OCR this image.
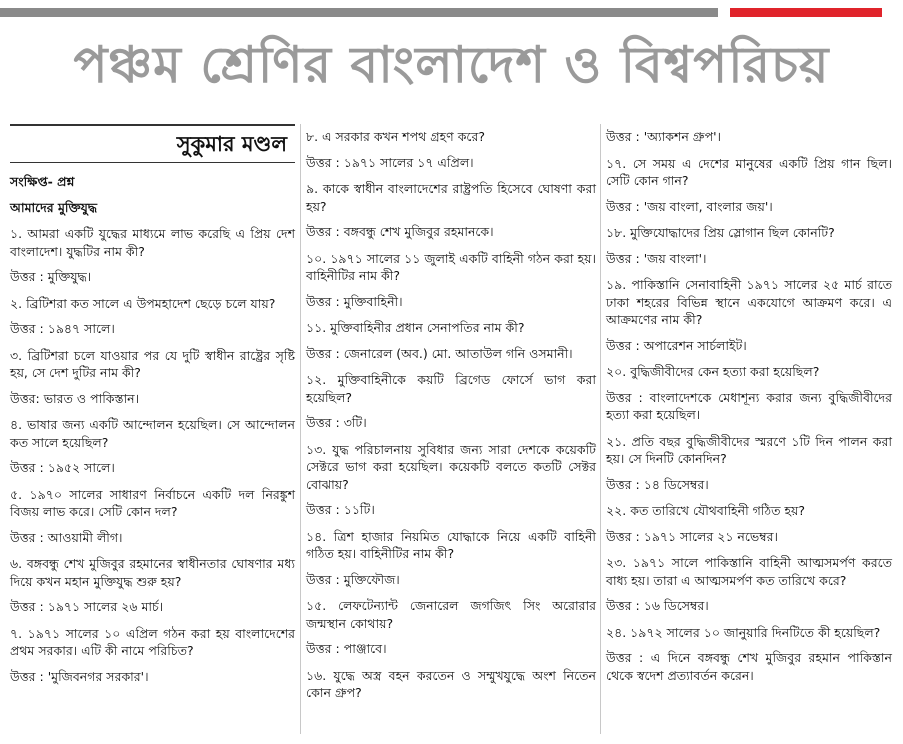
পঞ্চম শ্রেণির বাংলাদেশ ও বিশ্বপরিচয়
সুকুমার মণ্ডল
সংক্ষিপ্ত- প্রশ্ন
আমাদের মুক্তিযুদ্ধ

১. আমরা একটি যুদ্ধের মাধ্যমে লাভ করেছি এ প্রিয় দেশ বাংলাদেশ। যুদ্ধটির নাম কী?

উত্তর : মুক্তিযুদ্ধ।

২. ব্রিটিশরা কত সালে এ উপমহাদেশ ছেড়ে চলে যায়?

উত্তর : ১৯৪৭ সালে।

৩. ব্রিটিশরা চলে যাওয়ার পর যে দুটি স্বাধীন রাষ্ট্রের সৃষ্টি হয়, সে দেশ দুটির নাম কী?

উত্তর: ভারত ও পাকিস্তান।

৪. ভাষার জন্য একটি আন্দোলন হয়েছিল। সে আন্দোলন কত সালে হয়েছিল?

উত্তর : ১৯৫২ সালে।

৫. ১৯৭০ সালের সাধারণ নির্বাচনে একটি দল নিরঙ্কুশ বিজয় লাভ করে। সেটি কোন দল?

উত্তর : আওয়ামী লীগ।

৬. বঙ্গবন্ধু শেখ মুজিবুর রহমানের স্বাধীনতার ঘোষণার মধ্য দিয়ে কখন মহান মুক্তিযুদ্ধ শুরু হয়?

উত্তর : ১৯৭১ সালের ২৬ মার্চ।

৭. ১৯৭১ সালের ১০ এপ্রিল গঠন করা হয় বাংলাদেশের প্রথম সরকার। এটি কী নামে পরিচিত?

উত্তর : 'মুজিবনগর সরকার'।

৮. এ সরকার কখন শপথ গ্রহণ করে?

উত্তর : ১৯৭১ সালের ১৭ এপ্রিল।

৯. কাকে স্বাধীন বাংলাদেশের রাষ্ট্রপতি হিসেবে ঘোষণা করা হয়?

উত্তর : বঙ্গবন্ধু শেখ মুজিবুর রহমানকে।

১০. ১৯৭১ সালের ১১ জুলাই একটি বাহিনী গঠন করা হয়। বাহিনীটির নাম কী?

উত্তর : মুক্তিবাহিনী।

১১. মুক্তিবাহিনীর প্রধান সেনাপতির নাম কী?

উত্তর : জেনারেল (অব.) মো. আতাউল গনি ওসমানী।

১২. মুক্তিবাহিনীকে কয়টি ব্রিগেড ফোর্সে ভাগ করা হয়েছিল?

উত্তর : ৩টি।

১৩. যুদ্ধ পরিচালনায় সুবিধার জন্য সারা দেশকে কয়েকটি সেক্টরে ভাগ করা হয়েছিল। কয়েকটি বলতে কতটি সেক্টর বোঝায়?

উত্তর : ১১টি।

১৪. ত্রিশ হাজার নিয়মিত যোদ্ধাকে নিয়ে একটি বাহিনী গঠিত হয়। বাহিনীটির নাম কী?

উত্তর : মুক্তিফৌজ।

১৫. লেফটেন্যান্ট জেনারেল জগজিৎ সিং অরোরার জন্মস্থান কোথায়?

উত্তর : পাঞ্জাবে।

১৬. যুদ্ধে অস্ত্র বহন করতেন ও সম্মুখযুদ্ধে অংশ নিতেন কোন গ্রুপ?

উত্তর : 'অ্যাকশন গ্রুপ'।

১৭. সে সময় এ দেশের মানুষের একটি প্রিয় গান ছিল। সেটি কোন গান?

উত্তর : 'জয় বাংলা, বাংলার জয়'।

১৮. মুক্তিযোদ্ধাদের প্রিয় স্লোগান ছিল কোনটি?

উত্তর : 'জয় বাংলা'।

১৯. পাকিস্তানি সেনাবাহিনী ১৯৭১ সালের ২৫ মার্চ রাতে ঢাকা শহরের বিভিন্ন স্থানে একযোগে আক্রমণ করে। এ আক্রমণের নাম কী?

উত্তর : অপারেশন সার্চলাইট।

২০. বুদ্ধিজীবীদের কেন হত্যা করা হয়েছিল?

উত্তর : বাংলাদেশকে মেধাশূন্য করার জন্য বুদ্ধিজীবীদের হত্যা করা হয়েছিল।

২১. প্রতি বছর বুদ্ধিজীবীদের স্মরণে ১টি দিন পালন করা হয়। সে দিনটি কোনদিন?

উত্তর : ১৪ ডিসেম্বর।

২২. কত তারিখে যৌথবাহিনী গঠিত হয়?

উত্তর : ১৯৭১ সালের ২১ নভেম্বর।

২৩. ১৯৭১ সালে পাকিস্তানি বাহিনী আত্মসমর্পণ করতে বাধ্য হয়। তারা এ আত্মসমর্পণ কত তারিখে করে?

উত্তর : ১৬ ডিসেম্বর।

২৪. ১৯৭২ সালের ১০ জানুয়ারি দিনটিতে কী হয়েছিল?

উত্তর : এ দিনে বঙ্গবন্ধু শেখ মুজিবুর রহমান পাকিস্তান থেকে স্বদেশ প্রত্যাবর্তন করেন।
